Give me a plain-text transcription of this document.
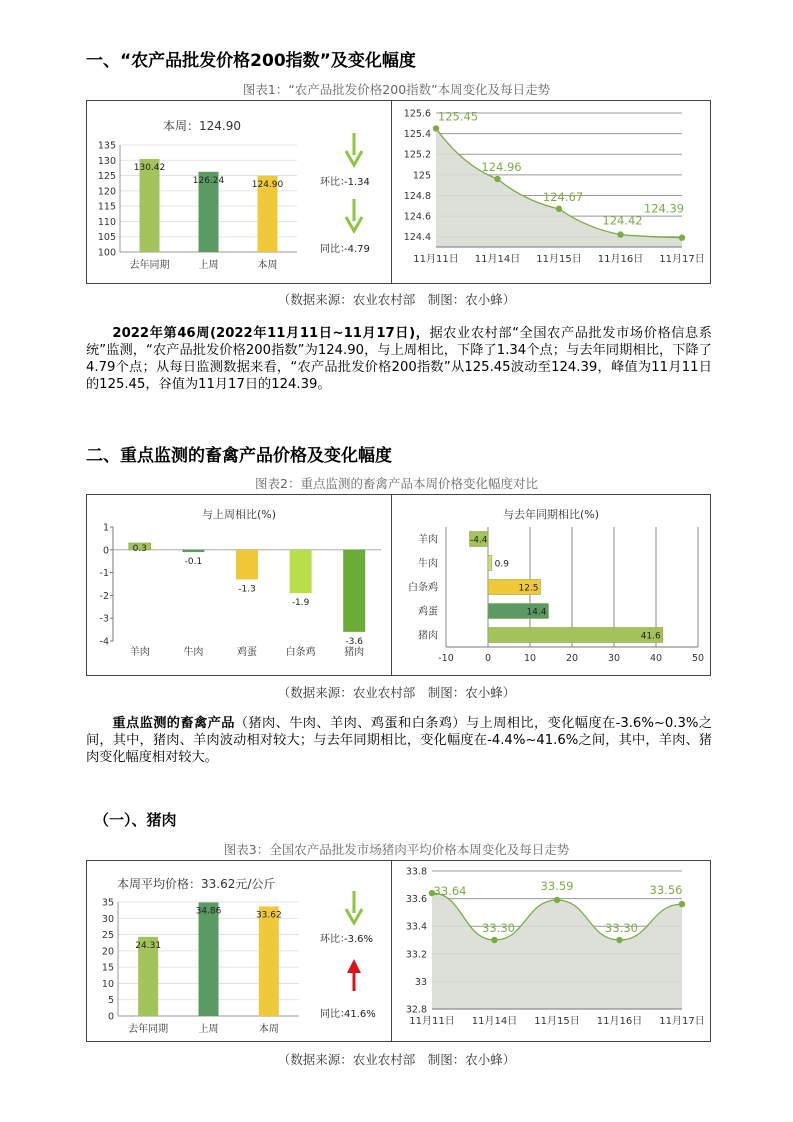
一、“农产品批发价格200指数”及变化幅度
图表1：“农产品批发价格200指数”本周变化及每日走势
本周：124.90
100
105
110
115
120
125
130
135
130.42
去年同期
126.24
上周
124.90
本周
环比：
-1.34
同比：
-4.79
124.4
124.6
124.8
125
125.2
125.4
125.6 125.45
11月11日
124.96
11月14日
124.67
11月15日
124.42
11月16日
124.39
11月17日
（数据来源：农业农村部　制图：农小蜂）
2022年第46周(2022年11月11日~11月17日)，据农业农村部“全国农产品批发市场价格信息系统”监测，“农产品批发价格200指数”为124.90，与上周相比，下降了1.34个点；与去年同期相比，下降了4.79个点；从每日监测数据来看，“农产品批发价格200指数”从125.45波动至124.39，峰值为11月11日的125.45，谷值为11月17日的124.39。
二、重点监测的畜禽产品价格及变化幅度
图表2：重点监测的畜禽产品本周价格变化幅度对比
与上周相比(%)
1
0
-1
-2
-3
-4
0.3
羊肉
-0.1
牛肉
-1.3
鸡蛋
-1.9
白条鸡
-3.6
猪肉
与去年同期相比(%)
-10	0	10	20	30	40	50
-4.4
羊肉
0.9
牛肉
12.5
白条鸡
14.4
鸡蛋
41.6
猪肉
（数据来源：农业农村部　制图：农小蜂）
重点监测的畜禽产品（猪肉、牛肉、羊肉、鸡蛋和白条鸡）与上周相比，变化幅度在-3.6%~0.3%之间，其中，猪肉、羊肉波动相对较大；与去年同期相比，变化幅度在-4.4%~41.6%之间，其中，羊肉、猪肉变化幅度相对较大。
（一）、猪肉
图表3：全国农产品批发市场猪肉平均价格本周变化及每日走势
本周平均价格：33.62元/公斤
0
5
10
15
20
25
30
35
24.31
去年同期
34.86
上周
33.62
本周
环比：
-3.6%
同比：
41.6%	32.8
33
33.2
33.4
33.6
33.8
33.64
11月11日
33.30
11月14日
33.59
11月15日
33.30
11月16日
33.56
11月17日
（数据来源：农业农村部　制图：农小蜂）
